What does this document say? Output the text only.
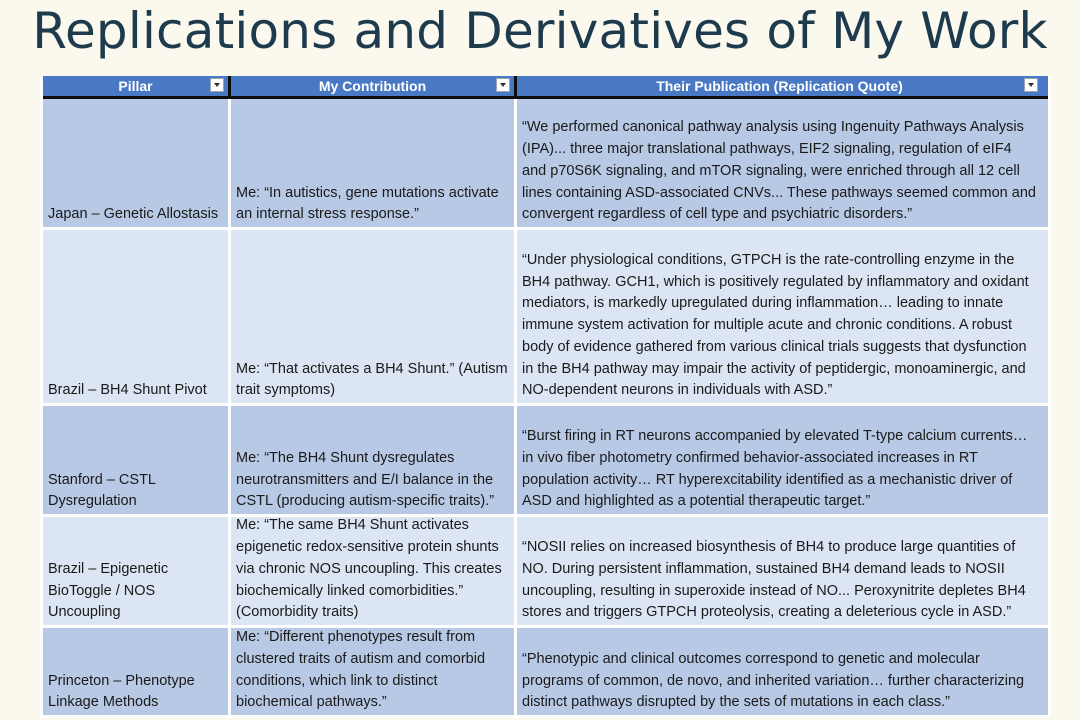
Replications and Derivatives of My Work
Pillar	My Contribution	Their Publication (Replication Quote)
Japan – Genetic Allostasis
Me: “In autistics, gene mutations activate an internal stress response.”
“We performed canonical pathway analysis using Ingenuity Pathways Analysis (IPA)... three major translational pathways, EIF2 signaling, regulation of eIF4 and p70S6K signaling, and mTOR signaling, were enriched through all 12 cell lines containing ASD-associated CNVs... These pathways seemed common and convergent regardless of cell type and psychiatric disorders.”
Brazil – BH4 Shunt Pivot
Me: “That activates a BH4 Shunt.” (Autism trait symptoms)
“Under physiological conditions, GTPCH is the rate-controlling enzyme in the BH4 pathway. GCH1, which is positively regulated by inflammatory and oxidant mediators, is markedly upregulated during inflammation… leading to innate immune system activation for multiple acute and chronic conditions. A robust body of evidence gathered from various clinical trials suggests that dysfunction in the BH4 pathway may impair the activity of peptidergic, monoaminergic, and NO-dependent neurons in individuals with ASD.”
Stanford – CSTL Dysregulation
Me: “The BH4 Shunt dysregulates neurotransmitters and E/I balance in the CSTL (producing autism-specific traits).”
“Burst firing in RT neurons accompanied by elevated T-type calcium currents… in vivo fiber photometry confirmed behavior-associated increases in RT population activity… RT hyperexcitability identified as a mechanistic driver of ASD and highlighted as a potential therapeutic target.”
Brazil – Epigenetic BioToggle / NOS Uncoupling
Me: “The same BH4 Shunt activates epigenetic redox-sensitive protein shunts via chronic NOS uncoupling. This creates biochemically linked comorbidities.” (Comorbidity traits)
“NOSII relies on increased biosynthesis of BH4 to produce large quantities of NO. During persistent inflammation, sustained BH4 demand leads to NOSII uncoupling, resulting in superoxide instead of NO... Peroxynitrite depletes BH4 stores and triggers GTPCH proteolysis, creating a deleterious cycle in ASD.”
Princeton – Phenotype Linkage Methods
Me: “Different phenotypes result from clustered traits of autism and comorbid conditions, which link to distinct biochemical pathways.”
“Phenotypic and clinical outcomes correspond to genetic and molecular programs of common, de novo, and inherited variation… further characterizing distinct pathways disrupted by the sets of mutations in each class.”
